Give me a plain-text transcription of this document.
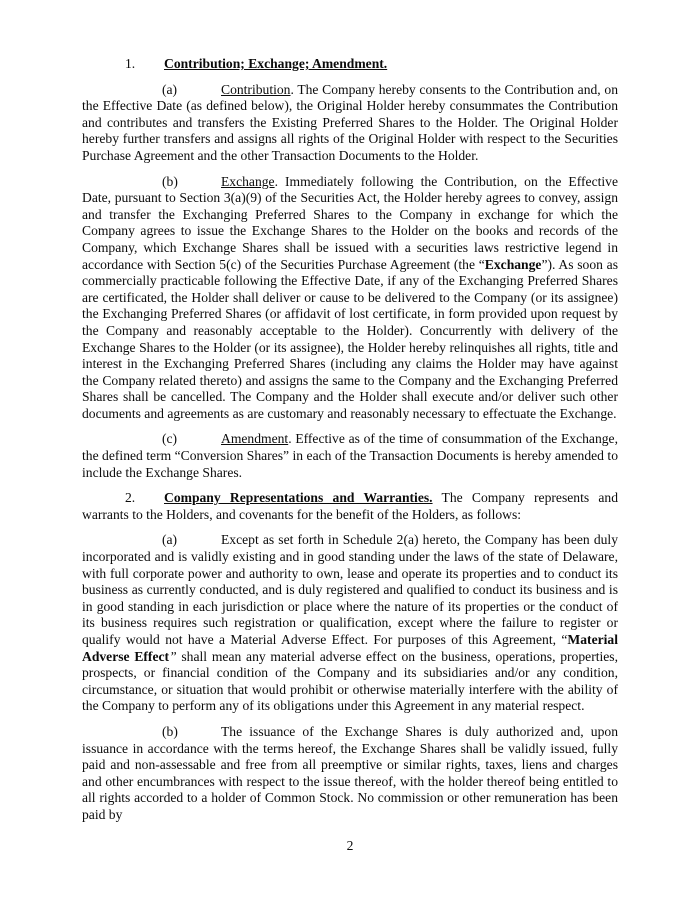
1. Contribution; Exchange; Amendment.

(a)	Contribution. The Company hereby consents to the Contribution and, on the Effective Date (as defined below), the Original Holder hereby consummates the Contribution and contributes and transfers the Existing Preferred Shares to the Holder. The Original Holder hereby further transfers and assigns all rights of the Original Holder with respect to the Securities Purchase Agreement and the other Transaction Documents to the Holder.

(b)	Exchange. Immediately following the Contribution, on the Effective Date, pursuant to Section 3(a)(9) of the Securities Act, the Holder hereby agrees to convey, assign and transfer the Exchanging Preferred Shares to the Company in exchange for which the Company agrees to issue the Exchange Shares to the Holder on the books and records of the Company, which Exchange Shares shall be issued with a securities laws restrictive legend in accordance with Section 5(c) of the Securities Purchase Agreement (the “Exchange”). As soon as commercially practicable following the Effective Date, if any of the Exchanging Preferred Shares are certificated, the Holder shall deliver or cause to be delivered to the Company (or its assignee) the Exchanging Preferred Shares (or affidavit of lost certificate, in form provided upon request by the Company and reasonably acceptable to the Holder). Concurrently with delivery of the Exchange Shares to the Holder (or its assignee), the Holder hereby relinquishes all rights, title and interest in the Exchanging Preferred Shares (including any claims the Holder may have against the Company related thereto) and assigns the same to the Company and the Exchanging Preferred Shares shall be cancelled. The Company and the Holder shall execute and/or deliver such other documents and agreements as are customary and reasonably necessary to effectuate the Exchange.

(c)	Amendment. Effective as of the time of consummation of the Exchange, the defined term “Conversion Shares” in each of the Transaction Documents is hereby amended to include the Exchange Shares.

2. Company Representations and Warranties. The Company represents and warrants to the Holders, and covenants for the benefit of the Holders, as follows:

(a)	Except as set forth in Schedule 2(a) hereto, the Company has been duly incorporated and is validly existing and in good standing under the laws of the state of Delaware, with full corporate power and authority to own, lease and operate its properties and to conduct its business as currently conducted, and is duly registered and qualified to conduct its business and is in good standing in each jurisdiction or place where the nature of its properties or the conduct of its business requires such registration or qualification, except where the failure to register or qualify would not have a Material Adverse Effect. For purposes of this Agreement, “Material Adverse Effect” shall mean any material adverse effect on the business, operations, properties, prospects, or financial condition of the Company and its subsidiaries and/or any condition, circumstance, or situation that would prohibit or otherwise materially interfere with the ability of the Company to perform any of its obligations under this Agreement in any material respect.

(b)	The issuance of the Exchange Shares is duly authorized and, upon issuance in accordance with the terms hereof, the Exchange Shares shall be validly issued, fully paid and non-assessable and free from all preemptive or similar rights, taxes, liens and charges and other encumbrances with respect to the issue thereof, with the holder thereof being entitled to all rights accorded to a holder of Common Stock. No commission or other remuneration has been paid by

2
